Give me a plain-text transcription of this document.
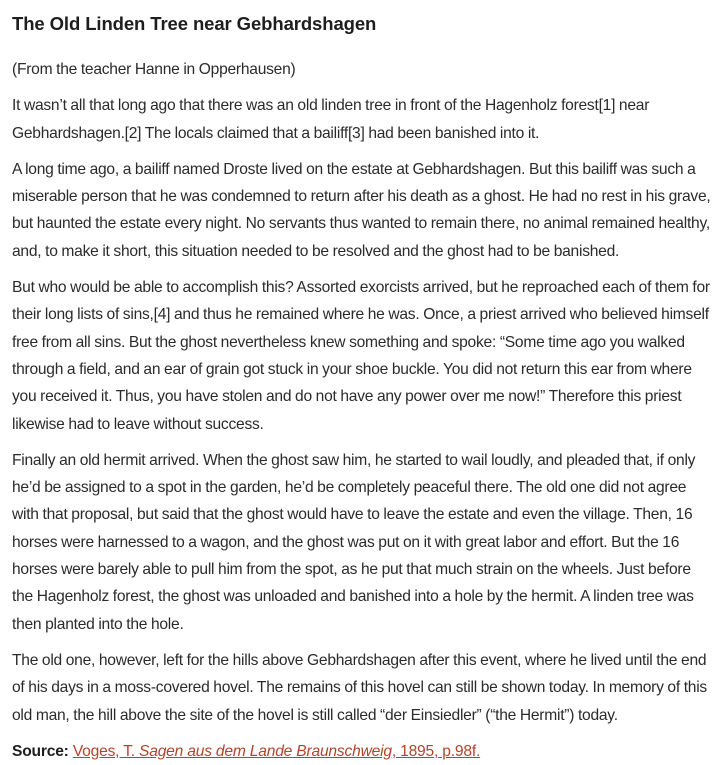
The Old Linden Tree near Gebhardshagen

(From the teacher Hanne in Opperhausen)

It wasn’t all that long ago that there was an old linden tree in front of the Hagenholz forest[1] near Gebhardshagen.[2] The locals claimed that a bailiff[3] had been banished into it.

A long time ago, a bailiff named Droste lived on the estate at Gebhardshagen. But this bailiff was such a miserable person that he was condemned to return after his death as a ghost. He had no rest in his grave, but haunted the estate every night. No servants thus wanted to remain there, no animal remained healthy, and, to make it short, this situation needed to be resolved and the ghost had to be banished.

But who would be able to accomplish this? Assorted exorcists arrived, but he reproached each of them for their long lists of sins,[4] and thus he remained where he was. Once, a priest arrived who believed himself free from all sins. But the ghost nevertheless knew something and spoke: “Some time ago you walked through a field, and an ear of grain got stuck in your shoe buckle. You did not return this ear from where you received it. Thus, you have stolen and do not have any power over me now!” Therefore this priest likewise had to leave without success.

Finally an old hermit arrived. When the ghost saw him, he started to wail loudly, and pleaded that, if only he’d be assigned to a spot in the garden, he’d be completely peaceful there. The old one did not agree with that proposal, but said that the ghost would have to leave the estate and even the village. Then, 16 horses were harnessed to a wagon, and the ghost was put on it with great labor and effort. But the 16 horses were barely able to pull him from the spot, as he put that much strain on the wheels. Just before the Hagenholz forest, the ghost was unloaded and banished into a hole by the hermit. A linden tree was then planted into the hole.

The old one, however, left for the hills above Gebhardshagen after this event, where he lived until the end of his days in a moss-covered hovel. The remains of this hovel can still be shown today. In memory of this old man, the hill above the site of the hovel is still called “der Einsiedler” (“the Hermit”) today.

Source: Voges, T. Sagen aus dem Lande Braunschweig, 1895, p.98f.
